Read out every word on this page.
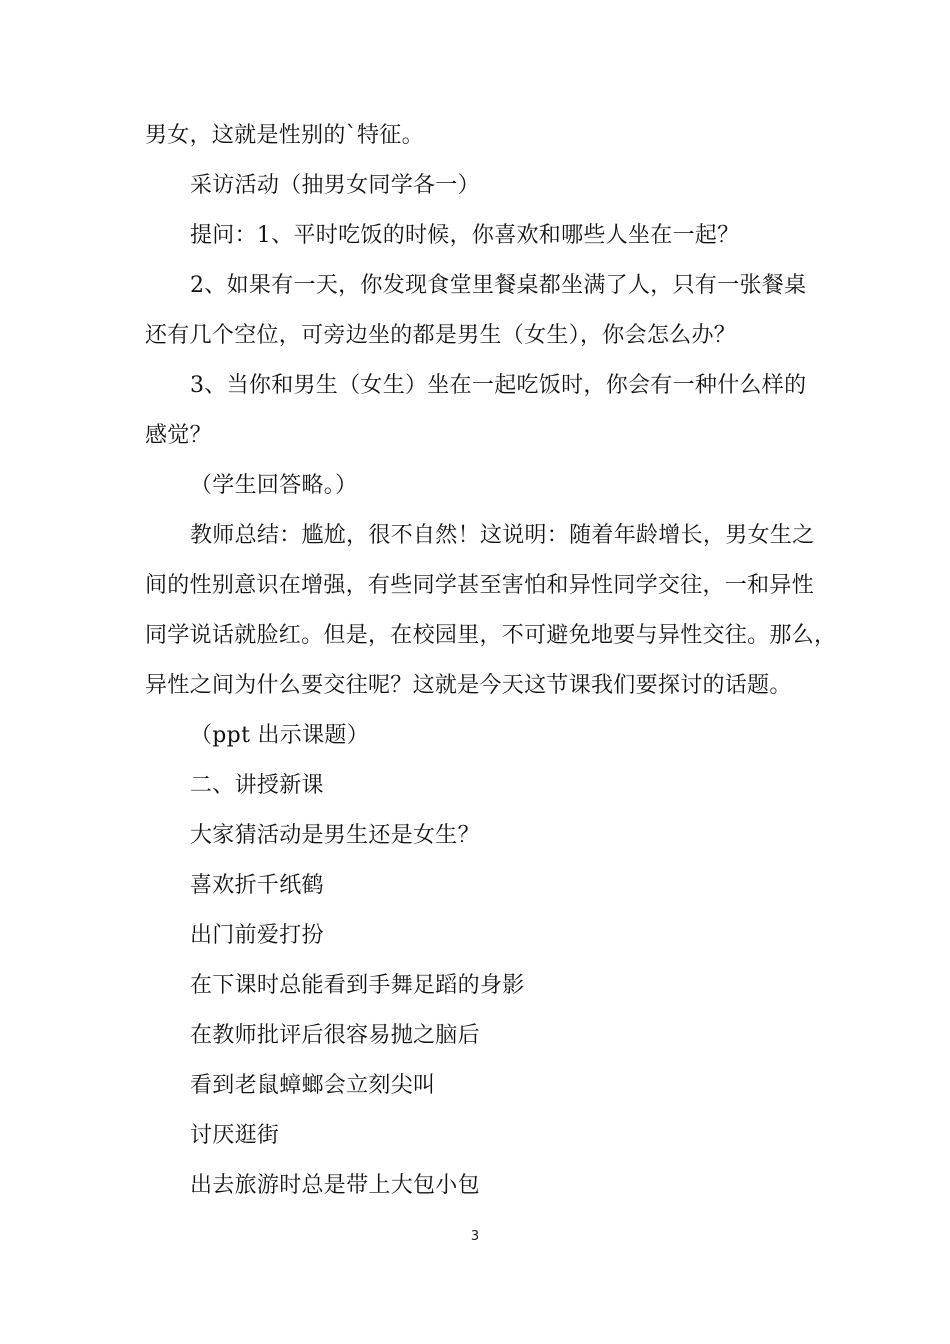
男女，这就是性别的`特征。
采访活动（抽男女同学各一）
提问：1、平时吃饭的时候，你喜欢和哪些人坐在一起？
2、如果有一天，你发现食堂里餐桌都坐满了人，只有一张餐桌
还有几个空位，可旁边坐的都是男生（女生），你会怎么办？
3、当你和男生（女生）坐在一起吃饭时，你会有一种什么样的
感觉？
（学生回答略。）
教师总结：尴尬，很不自然！这说明：随着年龄增长，男女生之
间的性别意识在增强，有些同学甚至害怕和异性同学交往，一和异性
同学说话就脸红。但是，在校园里，不可避免地要与异性交往。那么，
异性之间为什么要交往呢？这就是今天这节课我们要探讨的话题。
（ppt 出示课题）
二、讲授新课
大家猜活动是男生还是女生？
喜欢折千纸鹤
出门前爱打扮
在下课时总能看到手舞足蹈的身影
在教师批评后很容易抛之脑后
看到老鼠蟑螂会立刻尖叫
讨厌逛街
出去旅游时总是带上大包小包
3
